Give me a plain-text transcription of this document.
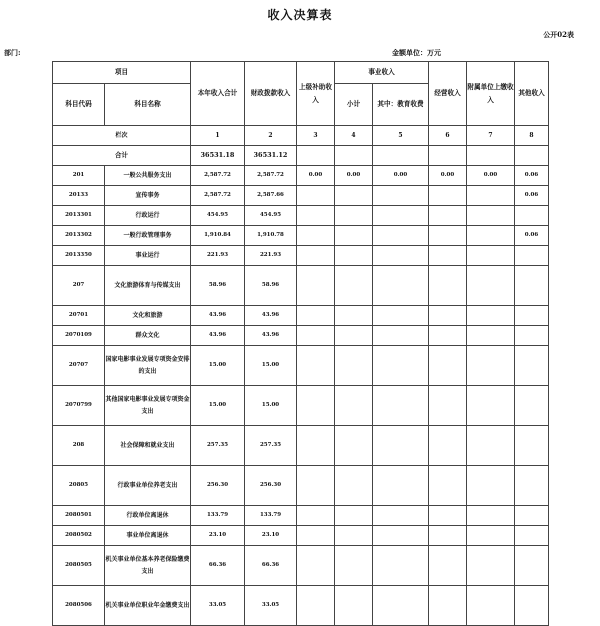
收入决算表
公开02表
部门:	金额单位：万元
项目		本年收入合计	财政拨款收入	上级补助收入	事业收入		经营收入	附属单位上缴收入	其他收入
科目代码	科目名称				小计	其中：教育收费			
栏次		1	2	3	4	5	6	7	8
合计		36531.18	36531.12						
201	一般公共服务支出	2,587.72	2,587.72	0.00	0.00	0.00	0.00	0.00	0.06
20133	宣传事务	2,587.72	2,587.66						0.06
2013301	行政运行	454.95	454.95						
2013302	一般行政管理事务	1,910.84	1,910.78						0.06
2013350	事业运行	221.93	221.93						
207	文化旅游体育与传媒支出	58.96	58.96						
20701	文化和旅游	43.96	43.96						
2070109	群众文化	43.96	43.96						
20707	国家电影事业发展专项资金安排的支出	15.00	15.00						
2070799	其他国家电影事业发展专项资金支出	15.00	15.00						
208	社会保障和就业支出	257.35	257.35						
20805	行政事业单位养老支出	256.30	256.30						
2080501	行政单位离退休	133.79	133.79						
2080502	事业单位离退休	23.10	23.10						
2080505	机关事业单位基本养老保险缴费支出	66.36	66.36						
2080506	机关事业单位职业年金缴费支出	33.05	33.05						
